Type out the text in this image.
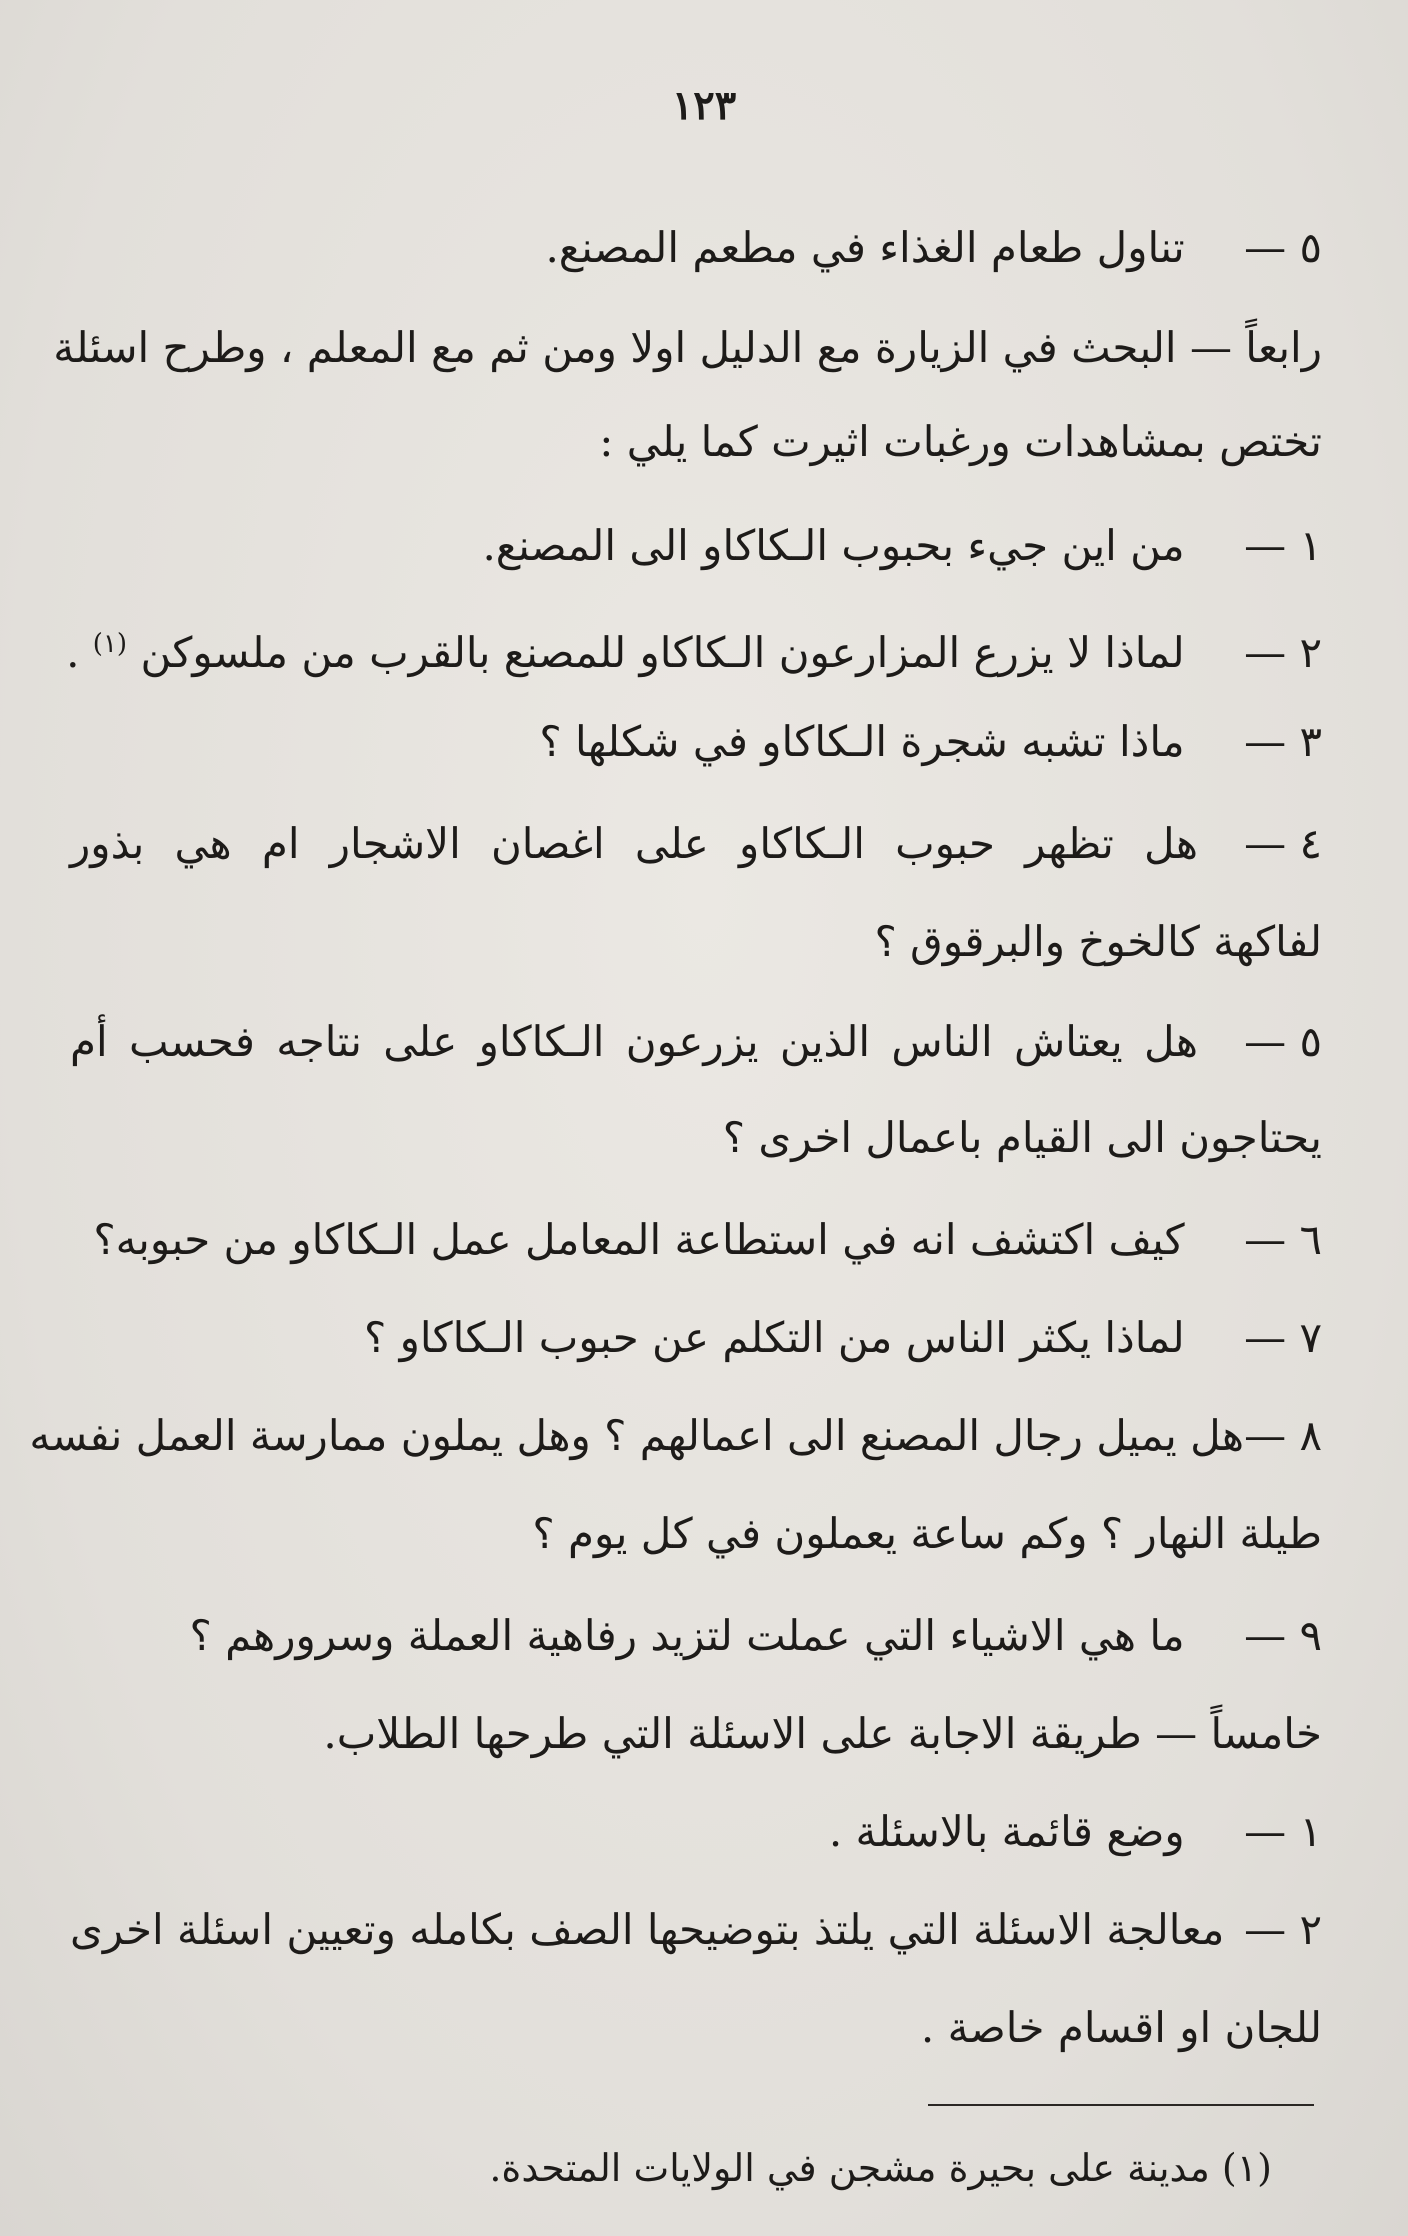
١٢٣
٥ — تناول طعام الغذاء في مطعم المصنع.
رابعاً — البحث في الزيارة مع الدليل اولا ومن ثم مع المعلم ، وطرح اسئلة
تختص بمشاهدات ورغبات اثيرت كما يلي :
١ — من اين جيء بحبوب الـكاكاو الى المصنع.
٢ — لماذا لا يزرع المزارعون الـكاكاو للمصنع بالقرب من ملسوكن $^{(١)}$ .
٣ — ماذا تشبه شجرة الـكاكاو في شكلها ؟
٤ —
هل تظهر حبوب الـكاكاو على اغصان الاشجار ام هي بذور
لفاكهة كالخوخ والبرقوق ؟
٥ —
هل يعتاش الناس الذين يزرعون الـكاكاو على نتاجه فحسب أم
يحتاجون الى القيام باعمال اخرى ؟
٦ — كيف اكتشف انه في استطاعة المعامل عمل الـكاكاو من حبوبه؟
٧ — لماذا يكثر الناس من التكلم عن حبوب الـكاكاو ؟
٨ —
هل يميل رجال المصنع الى اعمالهم ؟ وهل يملون ممارسة العمل نفسه
طيلة النهار ؟ وكم ساعة يعملون في كل يوم ؟
٩ — ما هي الاشياء التي عملت لتزيد رفاهية العملة وسرورهم ؟
خامساً — طريقة الاجابة على الاسئلة التي طرحها الطلاب.
١ — وضع قائمة بالاسئلة .
٢ —
معالجة الاسئلة التي يلتذ بتوضيحها الصف بكامله وتعيين اسئلة اخرى
للجان او اقسام خاصة .
(١) مدينة على بحيرة مشجن في الولايات المتحدة.
